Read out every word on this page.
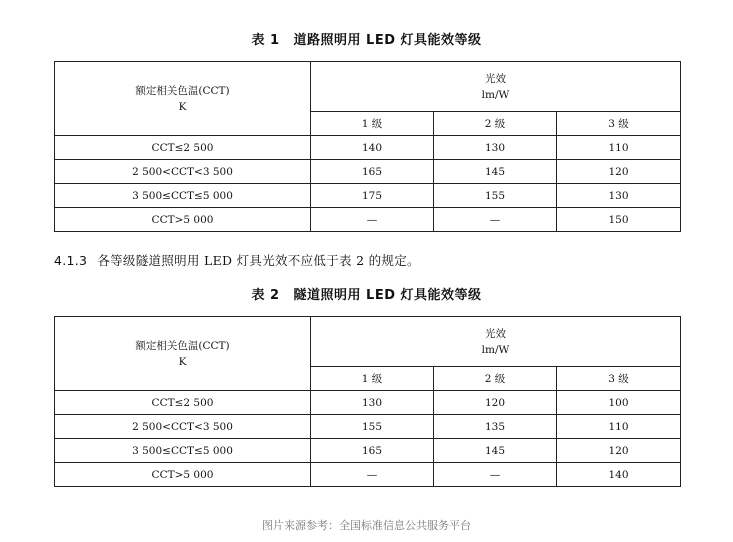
表 1 道路照明用 LED 灯具能效等级
额定相关色温(CCT)
K	光效
lm/W		

	1 级	2 级	3 级
CCT≤2 500	140	130	110
2 500<CCT<3 500	165	145	120
3 500≤CCT≤5 000	175	155	130
CCT>5 000	—	—	150
4.1.3 各等级隧道照明用 LED 灯具光效不应低于表 2 的规定。
表 2 隧道照明用 LED 灯具能效等级
额定相关色温(CCT)
K	光效
lm/W		

	1 级	2 级	3 级
CCT≤2 500	130	120	100
2 500<CCT<3 500	155	135	110
3 500≤CCT≤5 000	165	145	120
CCT>5 000	—	—	140
图片来源参考：全国标准信息公共服务平台
